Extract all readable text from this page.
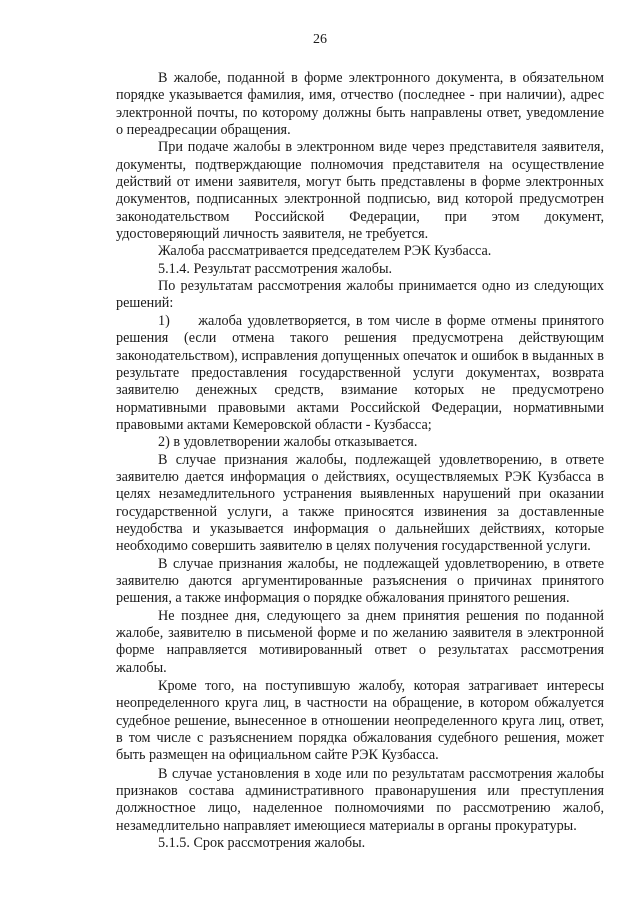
26

В жалобе, поданной в форме электронного документа, в обязательном порядке указывается фамилия, имя, отчество (последнее - при наличии), адрес электронной почты, по которому должны быть направлены ответ, уведомление о переадресации обращения.

При подаче жалобы в электронном виде через представителя заявителя, документы, подтверждающие полномочия представителя на осуществление действий от имени заявителя, могут быть представлены в форме электронных документов, подписанных электронной подписью, вид которой предусмотрен законодательством Российской Федерации, при этом документ, удостоверяющий личность заявителя, не требуется.

Жалоба рассматривается председателем РЭК Кузбасса.

5.1.4. Результат рассмотрения жалобы.

По результатам рассмотрения жалобы принимается одно из следующих решений:

1)  жалоба удовлетворяется, в том числе в форме отмены принятого решения (если отмена такого решения предусмотрена действующим законодательством), исправления допущенных опечаток и ошибок в выданных в результате предоставления государственной услуги документах, возврата заявителю денежных средств, взимание которых не предусмотрено нормативными правовыми актами Российской Федерации, нормативными правовыми актами Кемеровской области - Кузбасса;

2) в удовлетворении жалобы отказывается.

В случае признания жалобы, подлежащей удовлетворению, в ответе заявителю дается информация о действиях, осуществляемых РЭК Кузбасса в целях незамедлительного устранения выявленных нарушений при оказании государственной услуги, а также приносятся извинения за доставленные неудобства и указывается информация о дальнейших действиях, которые необходимо совершить заявителю в целях получения государственной услуги.

В случае признания жалобы, не подлежащей удовлетворению, в ответе заявителю даются аргументированные разъяснения о причинах принятого решения, а также информация о порядке обжалования принятого решения.

Не позднее дня, следующего за днем принятия решения по поданной жалобе, заявителю в письменой форме и по желанию заявителя в электронной форме направляется мотивированный ответ о результатах рассмотрения жалобы.

Кроме того, на поступившую жалобу, которая затрагивает интересы неопределенного круга лиц, в частности на обращение, в котором обжалуется судебное решение, вынесенное в отношении неопределенного круга лиц, ответ, в том числе с разъяснением порядка обжалования судебного решения, может быть размещен на официальном сайте РЭК Кузбасса.

В случае установления в ходе или по результатам рассмотрения жалобы признаков состава административного правонарушения или преступления должностное лицо, наделенное полномочиями по рассмотрению жалоб, незамедлительно направляет имеющиеся материалы в органы прокуратуры.

5.1.5. Срок рассмотрения жалобы.
